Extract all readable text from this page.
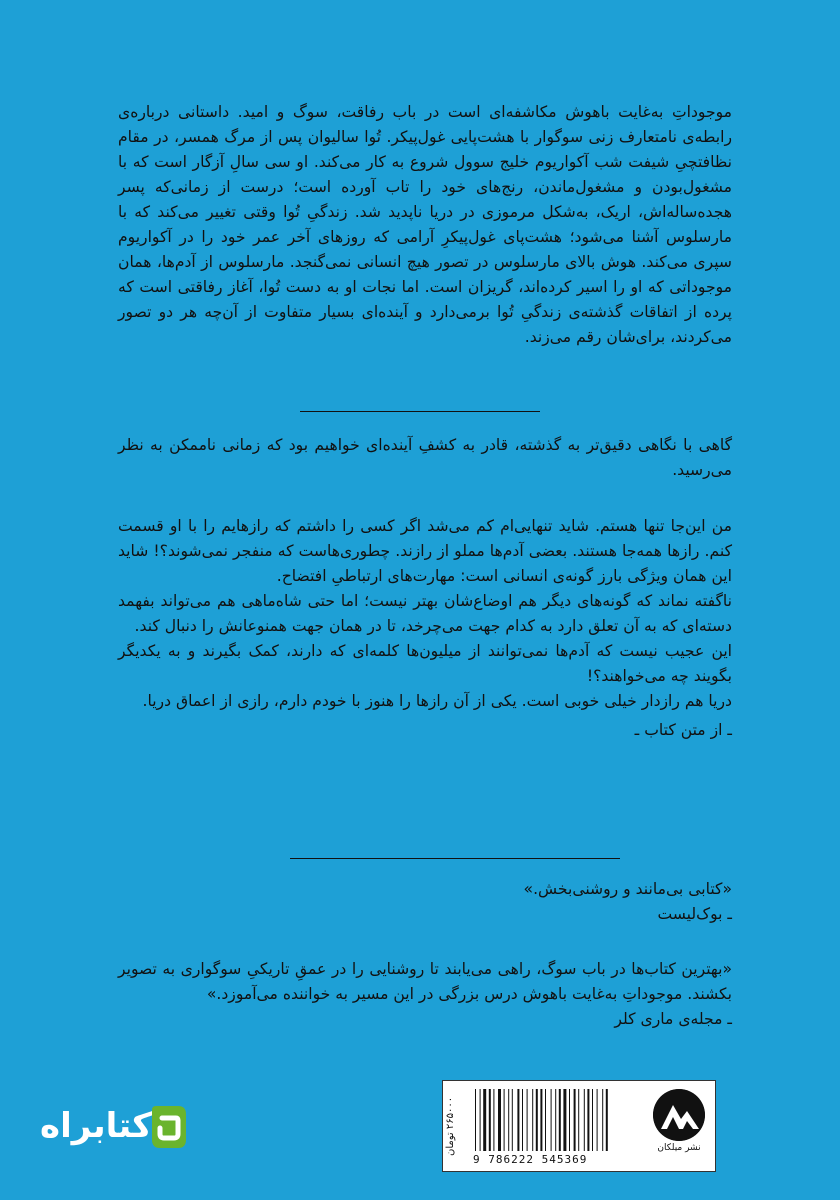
موجوداتِ به‌غایت باهوش مکاشفه‌ای است در باب رفاقت، سوگ و امید. داستانی درباره‌ی رابطه‌ی نامتعارف زنی سوگوار با هشت‌پایی غول‌پیکر. تُوا سالیوان پس از مرگ همسر، در مقام نظافتچیِ شیفت شب آکواریوم خلیج سوول شروع به کار می‌کند. او سی سالِ آزگار است که با مشغول‌بودن و مشغول‌ماندن، رنج‌های خود را تاب آورده است؛ درست از زمانی‌که پسر هجده‌ساله‌اش، اریک، به‌شکل مرموزی در دریا ناپدید شد. زندگیِ تُوا وقتی تغییر می‌کند که با مارسلوس آشنا می‌شود؛ هشت‌پای غول‌پیکرِ آرامی که روزهای آخر عمر خود را در آکواریوم سپری می‌کند. هوش بالای مارسلوس در تصور هیچ انسانی نمی‌گنجد. مارسلوس از آدم‌ها، همان موجوداتی که او را اسیر کرده‌اند، گریزان است. اما نجات او به دست تُوا، آغاز رفاقتی است که پرده از اتفاقات گذشته‌ی زندگیِ تُوا برمی‌دارد و آینده‌ای بسیار متفاوت از آن‌چه هر دو تصور می‌کردند، برای‌شان رقم می‌زند.

گاهی با نگاهی دقیق‌تر به گذشته، قادر به کشفِ آینده‌ای خواهیم بود که زمانی ناممکن به نظر می‌رسید.

من این‌جا تنها هستم. شاید تنهایی‌ام کم می‌شد اگر کسی را داشتم که رازهایم را با او قسمت کنم. رازها همه‌جا هستند. بعضی آدم‌ها مملو از رازند. چطوری‌هاست که منفجر نمی‌شوند؟! شاید این همان ویژگی بارز گونه‌ی انسانی است: مهارت‌های ارتباطیِ افتضاح.

ناگفته نماند که گونه‌های دیگر هم اوضاع‌شان بهتر نیست؛ اما حتی شاه‌ماهی هم می‌تواند بفهمد دسته‌ای که به آن تعلق دارد به کدام جهت می‌چرخد، تا در همان جهت همنوعانش را دنبال کند.

این عجیب نیست که آدم‌ها نمی‌توانند از میلیون‌ها کلمه‌ای که دارند، کمک بگیرند و به یکدیگر بگویند چه می‌خواهند؟!

دریا هم رازدار خیلی خوبی است. یکی از آن رازها را هنوز با خودم دارم، رازی از اعماق دریا.

ـ از متن کتاب ـ

«کتابی بی‌مانند و روشنی‌بخش.»

ـ بوک‌لیست

«بهترین کتاب‌ها در باب سوگ، راهی می‌یابند تا روشنایی را در عمقِ تاریکیِ سوگواری به تصویر بکشند. موجوداتِ به‌غایت باهوش درس بزرگی در این مسیر به خواننده می‌آموزد.»

ـ مجله‌ی ماری کلر

۲۶۵۰۰۰ تومان
9 786222 545369
نشر میلکان
کتابراه
